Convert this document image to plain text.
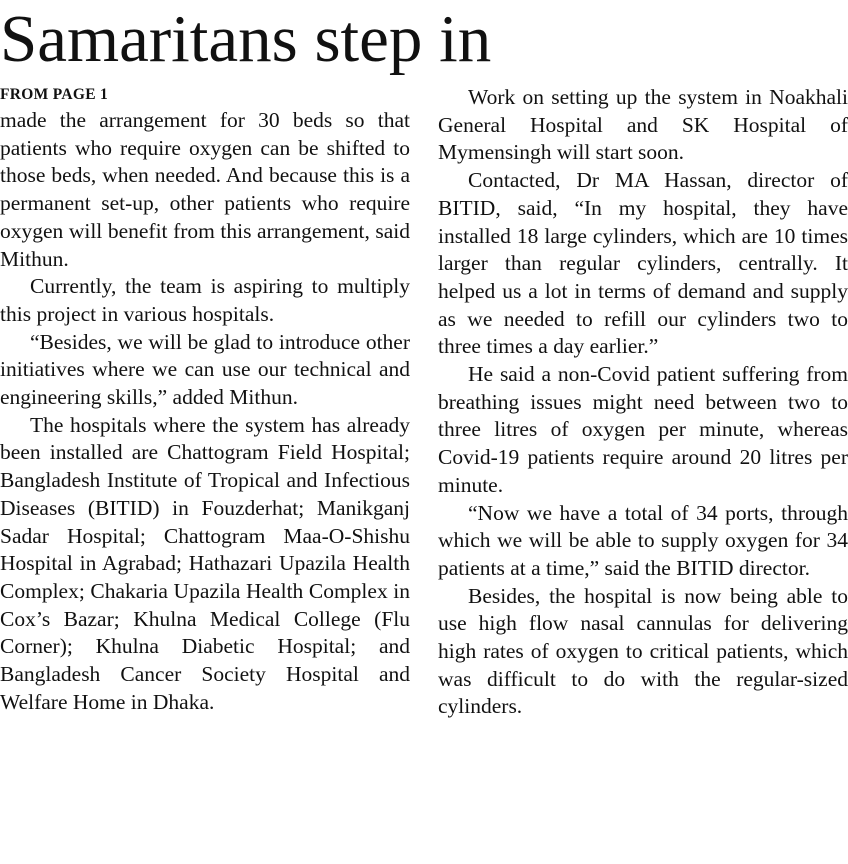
Samaritans step in
FROM PAGE 1

made the arrangement for 30 beds so that patients who require oxygen can be shifted to those beds, when needed. And because this is a permanent set-up, other patients who require oxygen will benefit from this arrangement, said Mithun.

Currently, the team is aspiring to multiply this project in various hospitals.

“Besides, we will be glad to introduce other initiatives where we can use our technical and engineering skills,” added Mithun.

The hospitals where the system has already been installed are Chattogram Field Hospital; Bangladesh Institute of Tropical and Infectious Diseases (BITID) in Fouzderhat; Manikganj Sadar Hospital; Chattogram Maa-O-Shishu Hospital in Agrabad; Hathazari Upazila Health Complex; Chakaria Upazila Health Complex in Cox’s Bazar; Khulna Medical College (Flu Corner); Khulna Diabetic Hospital; and Bangladesh Cancer Society Hospital and Welfare Home in Dhaka.

Work on setting up the system in Noakhali General Hospital and SK Hospital of Mymensingh will start soon.

Contacted, Dr MA Hassan, director of BITID, said, “In my hospital, they have installed 18 large cylinders, which are 10 times larger than regular cylinders, centrally. It helped us a lot in terms of demand and supply as we needed to refill our cylinders two to three times a day earlier.”

He said a non-Covid patient suffering from breathing issues might need between two to three litres of oxygen per minute, whereas Covid-19 patients require around 20 litres per minute.

“Now we have a total of 34 ports, through which we will be able to supply oxygen for 34 patients at a time,” said the BITID director.

Besides, the hospital is now being able to use high flow nasal cannulas for delivering high rates of oxygen to critical patients, which was difficult to do with the regular-sized cylinders.
